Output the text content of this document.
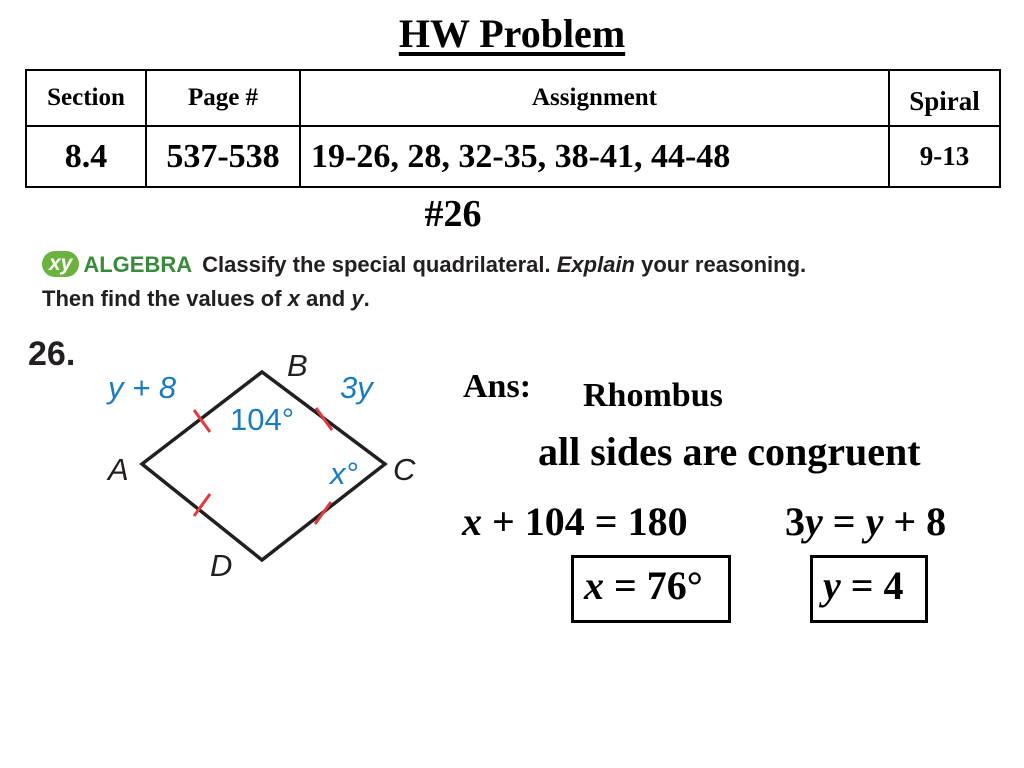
HW Problem
Section	Page #	Assignment	Spiral
8.4	537-538	19-26, 28, 32-35, 38-41, 44-48	9-13
#26
xy ALGEBRA Classify the special quadrilateral. Explain your reasoning.
Then find the values of x and y.
26.	B
A	C
D
y + 8	3y
104°
x°
Ans: Rhombus
all sides are congruent
x + 104 = 180 3y = y + 8
x = 76°	y = 4
